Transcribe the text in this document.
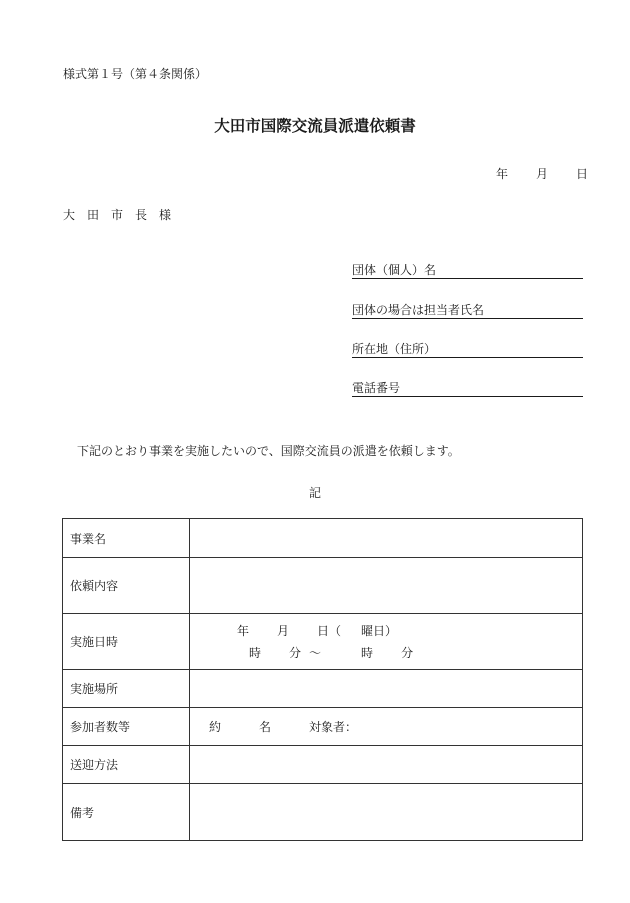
様式第１号（第４条関係）
大田市国際交流員派遣依頼書
年 月 日
大　田　市　長　様
団体（個人）名
団体の場合は担当者氏名
所在地（住所）
電話番号
下記のとおり事業を実施したいので、国際交流員の派遣を依頼します。
記
事業名	
依頼内容	
実施日時	年 月 日（ 曜日）
時 分 ～ 時 分

実施場所	
参加者数等	約 名 対象者：
送迎方法	
備考	
